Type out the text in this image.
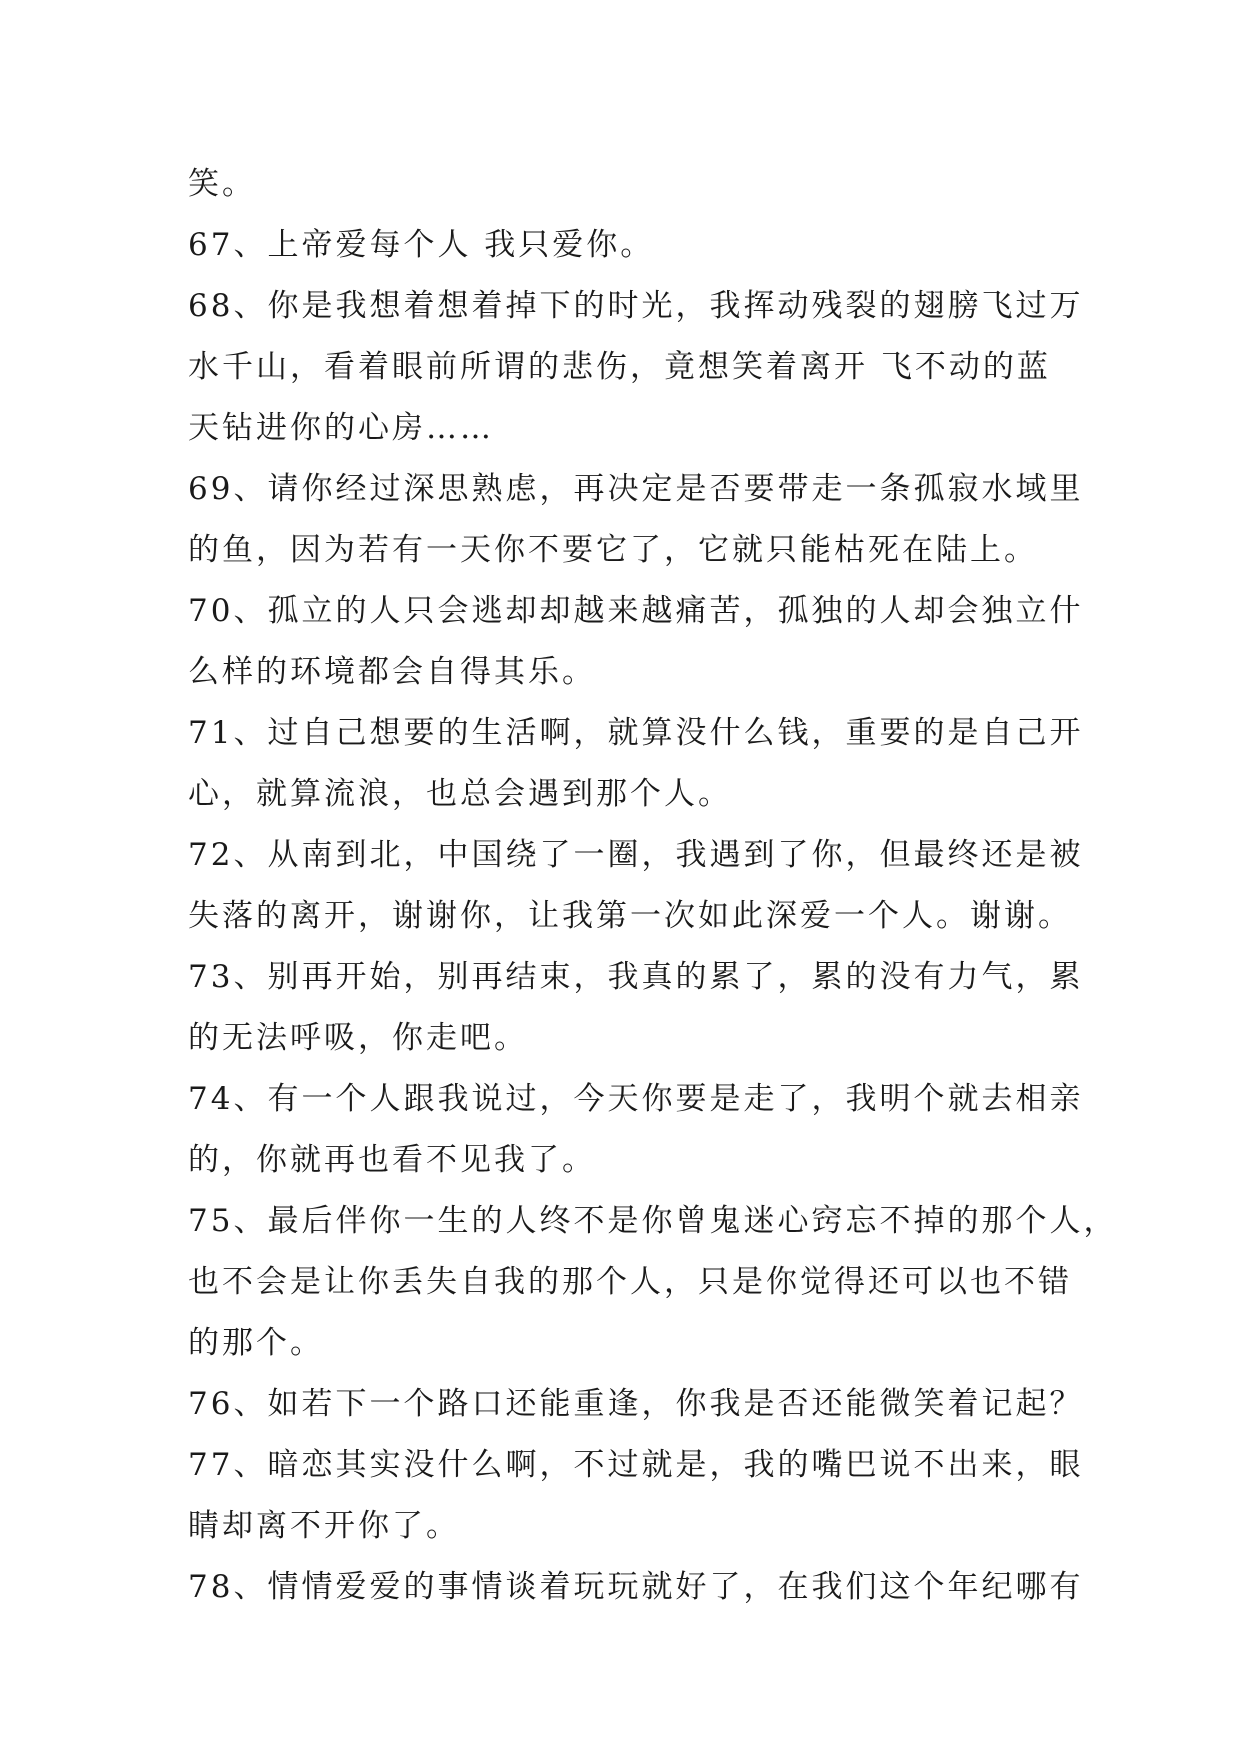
笑。
67、上帝爱每个人 我只爱你。
68、你是我想着想着掉下的时光，我挥动残裂的翅膀飞过万
水千山，看着眼前所谓的悲伤，竟想笑着离开 飞不动的蓝
天钻进你的心房……
69、请你经过深思熟虑，再决定是否要带走一条孤寂水域里
的鱼，因为若有一天你不要它了，它就只能枯死在陆上。
70、孤立的人只会逃却却越来越痛苦，孤独的人却会独立什
么样的环境都会自得其乐。
71、过自己想要的生活啊，就算没什么钱，重要的是自己开
心，就算流浪，也总会遇到那个人。
72、从南到北，中国绕了一圈，我遇到了你，但最终还是被
失落的离开，谢谢你，让我第一次如此深爱一个人。谢谢。
73、别再开始，别再结束，我真的累了，累的没有力气，累
的无法呼吸，你走吧。
74、有一个人跟我说过，今天你要是走了，我明个就去相亲
的，你就再也看不见我了。
75、最后伴你一生的人终不是你曾鬼迷心窍忘不掉的那个人，
也不会是让你丢失自我的那个人，只是你觉得还可以也不错
的那个。
76、如若下一个路口还能重逢，你我是否还能微笑着记起？
77、暗恋其实没什么啊，不过就是，我的嘴巴说不出来，眼
睛却离不开你了。
78、情情爱爱的事情谈着玩玩就好了，在我们这个年纪哪有
